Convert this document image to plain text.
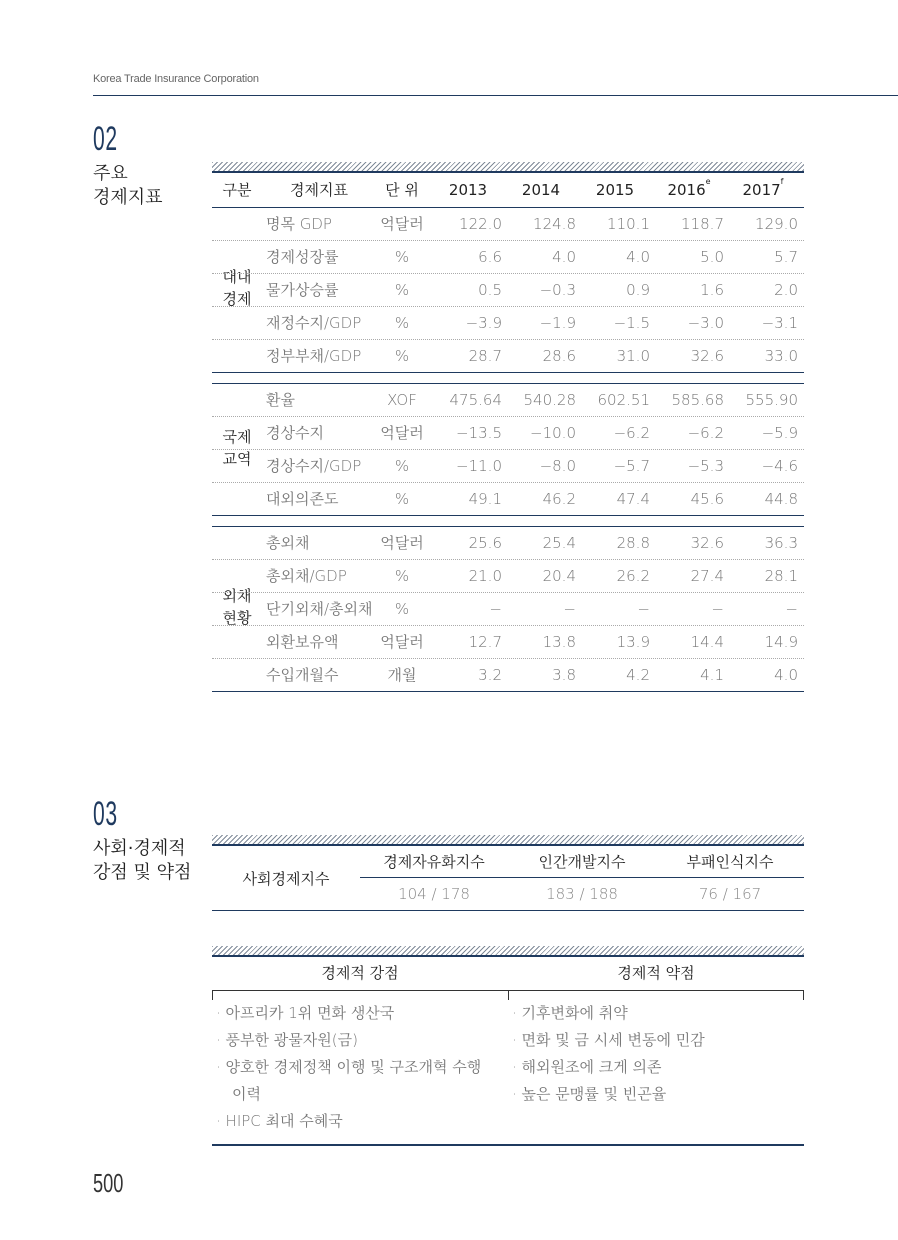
Korea Trade Insurance Corporation
02
주요
경제지표	구분	경제지표	단 위	2013	2014	2015	2016e	2017$^f$
대내
경제
명목 GDP	억달러	122.0	124.8	110.1	118.7	129.0
경제성장률	%	6.6	4.0	4.0	5.0	5.7
물가상승률	%	0.5	−0.3	0.9	1.6	2.0
재정수지/GDP	%	−3.9	−1.9	−1.5	−3.0	−3.1
정부부채/GDP	%	28.7	28.6	31.0	32.6	33.0
국제
교역
환율	XOF	475.64	540.28	602.51	585.68	555.90
경상수지	억달러	−13.5	−10.0	−6.2	−6.2	−5.9
경상수지/GDP	%	−11.0	−8.0	−5.7	−5.3	−4.6
대외의존도	%	49.1	46.2	47.4	45.6	44.8
외채
현황
총외채	억달러	25.6	25.4	28.8	32.6	36.3
총외채/GDP	%	21.0	20.4	26.2	27.4	28.1
단기외채/총외채	%	−	−	−	−	−
외환보유액	억달러	12.7	13.8	13.9	14.4	14.9
수입개월수	개월	3.2	3.8	4.2	4.1	4.0
03
사회·경제적
강점 및 약점	사회경제지수
경제자유화지수	인간개발지수	부패인식지수
104 / 178	183 / 188	76 / 167
경제적 강점	경제적 약점
· 아프리카 1위 면화 생산국
· 풍부한 광물자원(금)
· 양호한 경제정책 이행 및 구조개혁 수행 이력
· HIPC 최대 수혜국
· 기후변화에 취약
· 면화 및 금 시세 변동에 민감
· 해외원조에 크게 의존
· 높은 문맹률 및 빈곤율
500
